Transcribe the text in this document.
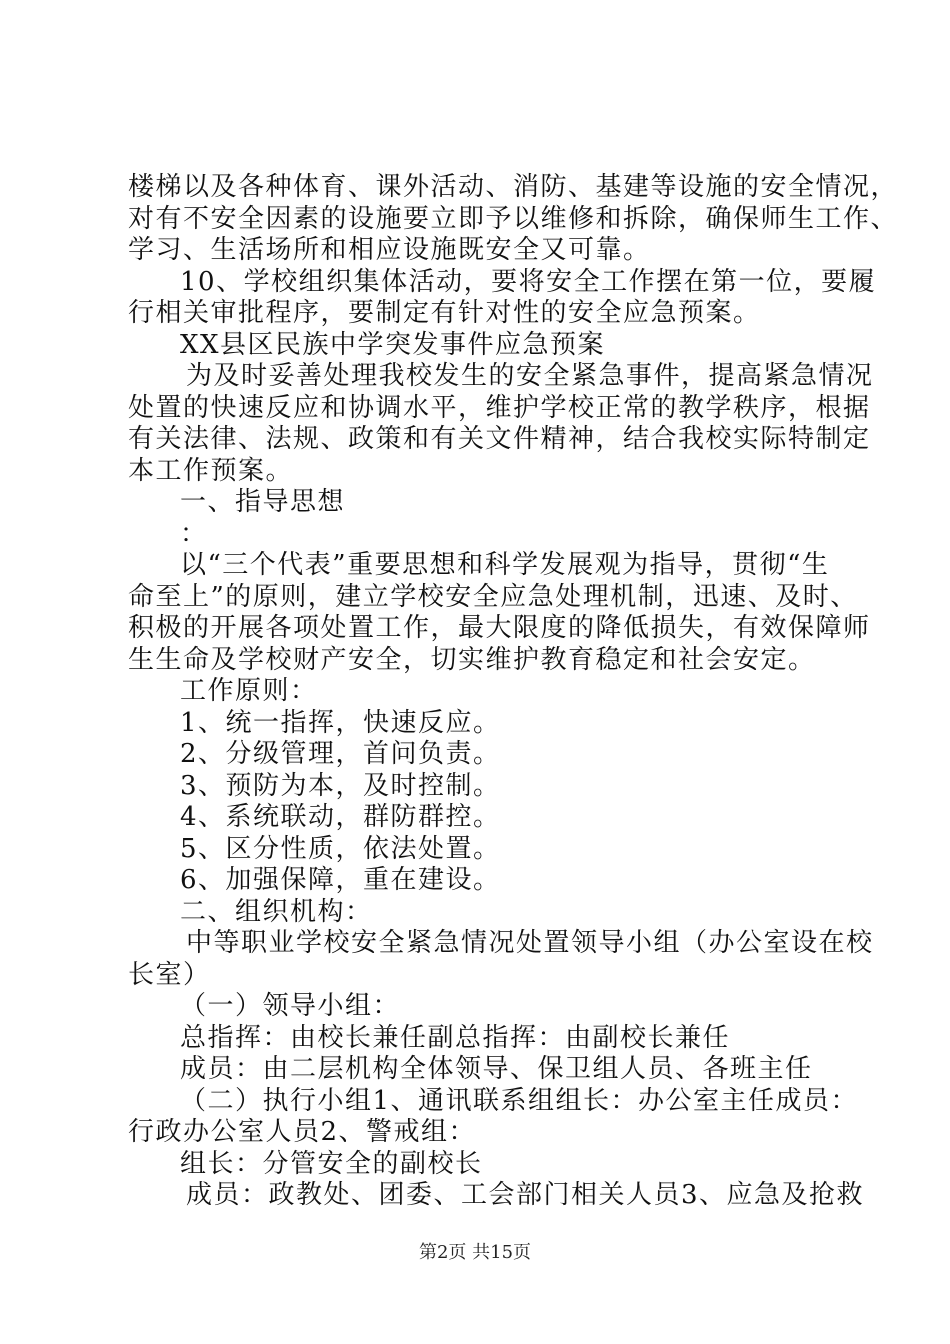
楼梯以及各种体育、课外活动、消防、基建等设施的安全情况，
对有不安全因素的设施要立即予以维修和拆除，确保师生工作、
学习、生活场所和相应设施既安全又可靠。
10、学校组织集体活动，要将安全工作摆在第一位，要履
行相关审批程序，要制定有针对性的安全应急预案。
XX县区民族中学突发事件应急预案
为及时妥善处理我校发生的安全紧急事件，提高紧急情况
处置的快速反应和协调水平，维护学校正常的教学秩序，根据
有关法律、法规、政策和有关文件精神，结合我校实际特制定
本工作预案。
一、指导思想
：
以“三个代表”重要思想和科学发展观为指导，贯彻“生
命至上”的原则，建立学校安全应急处理机制，迅速、及时、
积极的开展各项处置工作，最大限度的降低损失，有效保障师
生生命及学校财产安全，切实维护教育稳定和社会安定。
工作原则：
1、统一指挥，快速反应。
2、分级管理，首问负责。
3、预防为本，及时控制。
4、系统联动，群防群控。
5、区分性质，依法处置。
6、加强保障，重在建设。
二、组织机构：
中等职业学校安全紧急情况处置领导小组（办公室设在校
长室）
（一）领导小组：
总指挥：由校长兼任副总指挥：由副校长兼任
成员：由二层机构全体领导、保卫组人员、各班主任
（二）执行小组1、通讯联系组组长：办公室主任成员：
行政办公室人员2、警戒组：
组长：分管安全的副校长
成员：政教处、团委、工会部门相关人员3、应急及抢救
第2页 共15页
